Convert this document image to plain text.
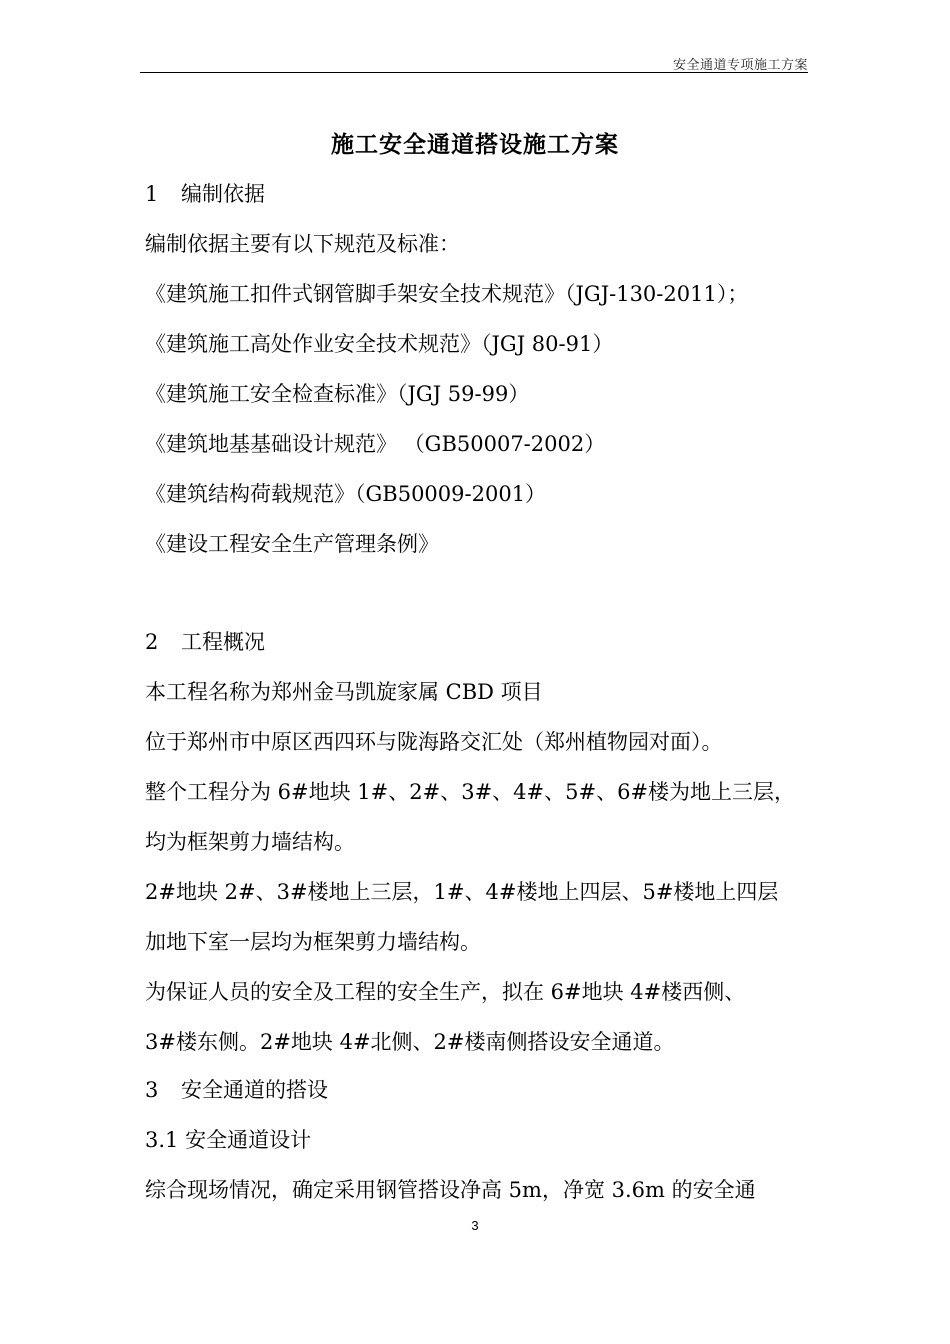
安全通道专项施工方案
施工安全通道搭设施工方案
1 编制依据
编制依据主要有以下规范及标准：
《建筑施工扣件式钢管脚手架安全技术规范》（JGJ-130-2011）；
《建筑施工高处作业安全技术规范》（JGJ 80-91）
《建筑施工安全检查标准》（JGJ 59-99）
《建筑地基基础设计规范》 （GB50007-2002）
《建筑结构荷载规范》（GB50009-2001）
《建设工程安全生产管理条例》
2 工程概况
本工程名称为郑州金马凯旋家属 CBD 项目
位于郑州市中原区西四环与陇海路交汇处（郑州植物园对面）。
整个工程分为 6#地块 1#、2#、3#、4#、5#、6#楼为地上三层，
均为框架剪力墙结构。
2#地块 2#、3#楼地上三层，1#、4#楼地上四层、5#楼地上四层
加地下室一层均为框架剪力墙结构。
为保证人员的安全及工程的安全生产，拟在 6#地块 4#楼西侧、
3#楼东侧。2#地块 4#北侧、2#楼南侧搭设安全通道。
3 安全通道的搭设
3.1 安全通道设计
综合现场情况，确定采用钢管搭设净高 5m，净宽 3.6m 的安全通
3
